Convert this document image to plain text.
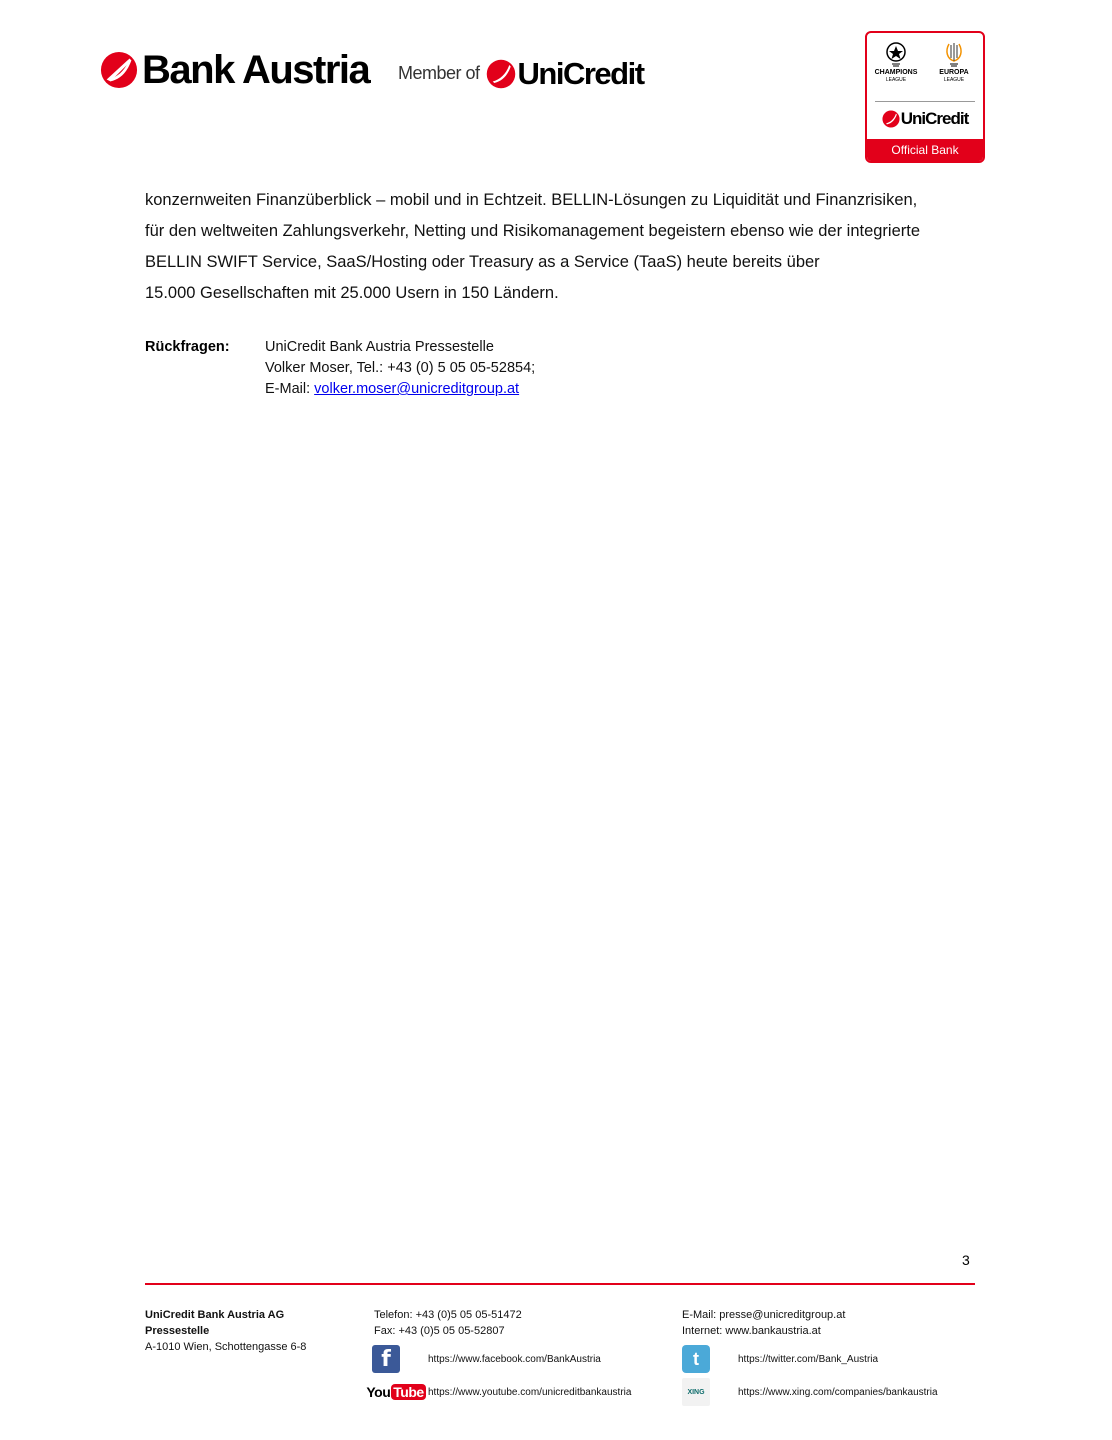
Bank Austria Member of UniCredit	CHAMPIONS
LEAGUE
EUROPA
LEAGUE
UniCredit
Official Bank

konzernweiten Finanzüberblick – mobil und in Echtzeit. BELLIN-Lösungen zu Liquidität und Finanzrisiken,

für den weltweiten Zahlungsverkehr, Netting und Risikomanagement begeistern ebenso wie der integrierte

BELLIN SWIFT Service, SaaS/Hosting oder Treasury as a Service (TaaS) heute bereits über

15.000 Gesellschaften mit 25.000 Usern in 150 Ländern.

Rückfragen: UniCredit Bank Austria Pressestelle
Volker Moser, Tel.: +43 (0) 5 05 05-52854;
E-Mail: volker.moser@unicreditgroup.at
3
UniCredit Bank Austria AG
Pressestelle
A-1010 Wien, Schottengasse 6-8
Telefon: +43 (0)5 05 05-51472
Fax: +43 (0)5 05 05-52807
E-Mail: presse@unicreditgroup.at
Internet: www.bankaustria.at
f	https://www.facebook.com/BankAustria	t	https://twitter.com/Bank_Austria
You Tube https://www.youtube.com/unicreditbankaustria	XING	https://www.xing.com/companies/bankaustria
